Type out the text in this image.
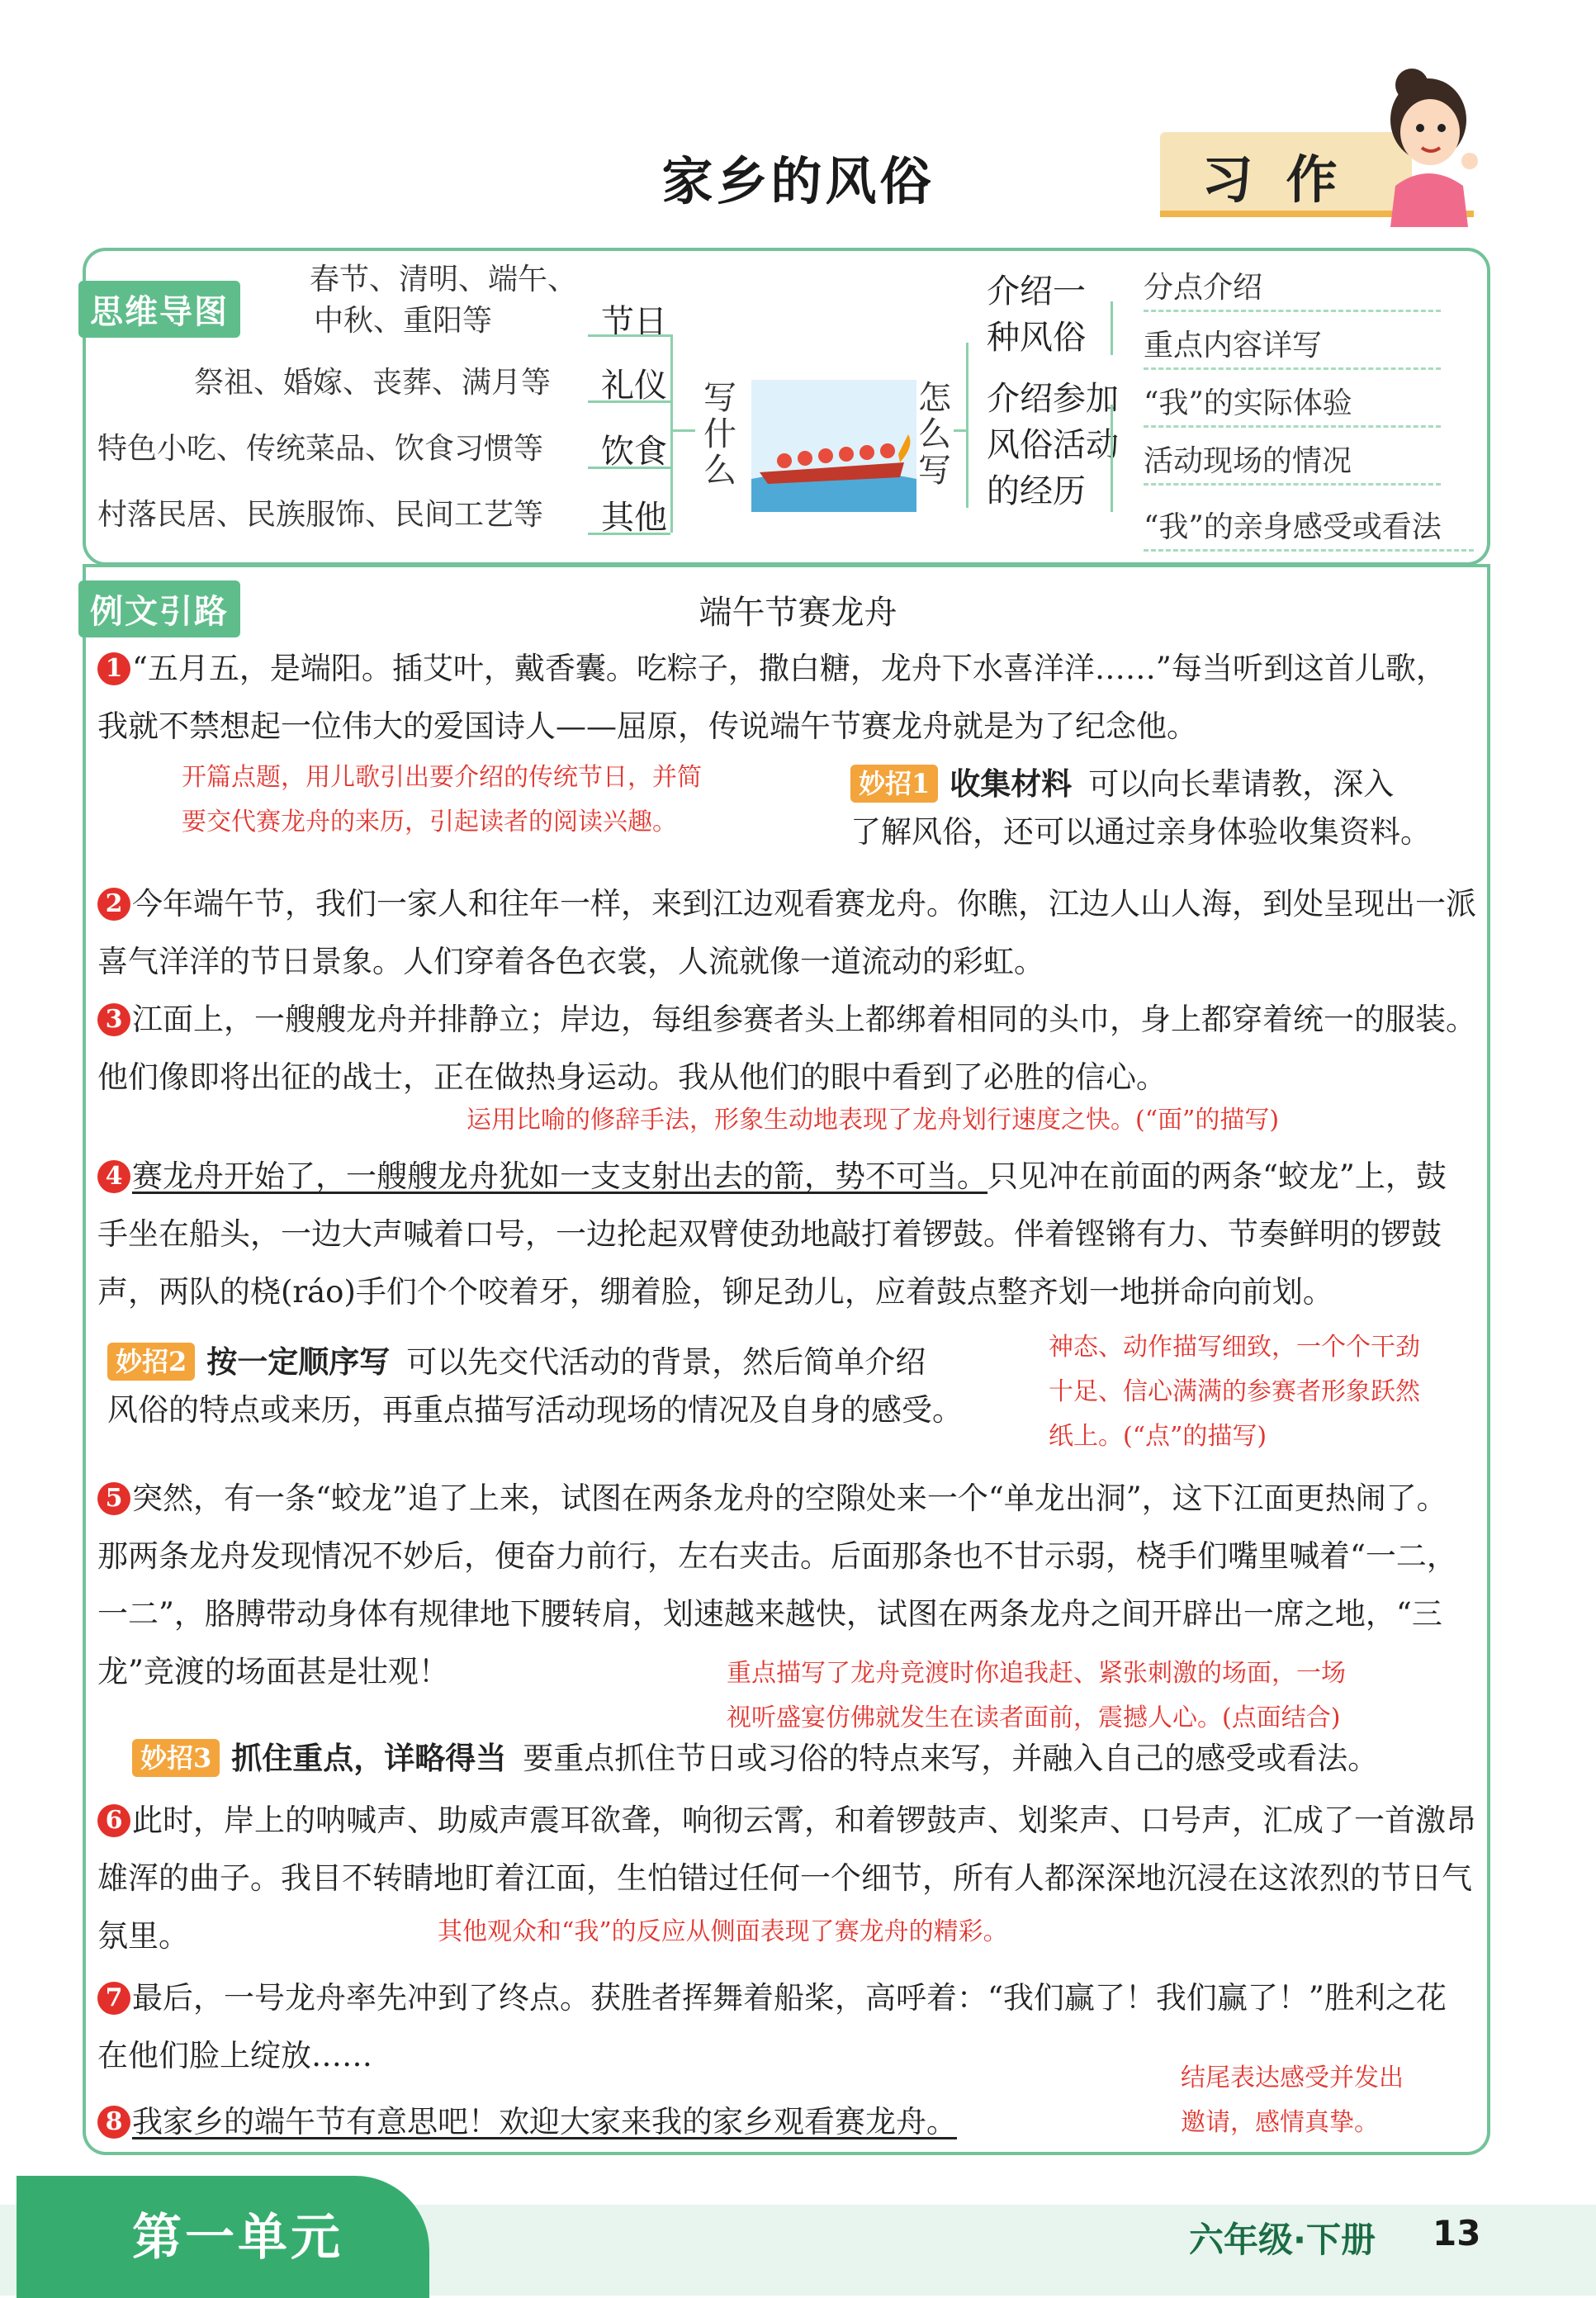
家乡的风俗	习作
思维导图
春节、清明、端午、
中秋、重阳等
祭祖、婚嫁、丧葬、满月等
特色小吃、传统菜品、饮食习惯等
村落民居、民族服饰、民间工艺等
节日
礼仪
饮食
其他
写什么
怎么写
介绍一
种风俗
介绍参加
风俗活动
的经历
分点介绍
重点内容详写
“我”的实际体验
活动现场的情况
“我”的亲身感受或看法
例文引路	端午节赛龙舟
1 “五月五，是端阳。插艾叶，戴香囊。吃粽子，撒白糖，龙舟下水喜洋洋……”每当听到这首儿歌，我就不禁想起一位伟大的爱国诗人——屈原，传说端午节赛龙舟就是为了纪念他。
开篇点题，用儿歌引出要介绍的传统节日，并简
要交代赛龙舟的来历，引起读者的阅读兴趣。
妙招1 收集材料 可以向长辈请教，深入
了解风俗，还可以通过亲身体验收集资料。
2 今年端午节，我们一家人和往年一样，来到江边观看赛龙舟。你瞧，江边人山人海，到处呈现出一派喜气洋洋的节日景象。人们穿着各色衣裳，人流就像一道流动的彩虹。
3 江面上，一艘艘龙舟并排静立；岸边，每组参赛者头上都绑着相同的头巾，身上都穿着统一的服装。他们像即将出征的战士，正在做热身运动。我从他们的眼中看到了必胜的信心。
运用比喻的修辞手法，形象生动地表现了龙舟划行速度之快。(“面”的描写)
4 赛龙舟开始了，一艘艘龙舟犹如一支支射出去的箭，势不可当。只见冲在前面的两条“蛟龙”上，鼓手坐在船头，一边大声喊着口号，一边抡起双臂使劲地敲打着锣鼓。伴着铿锵有力、节奏鲜明的锣鼓声，两队的桡(ráo)手们个个咬着牙，绷着脸，铆足劲儿，应着鼓点整齐划一地拼命向前划。
妙招2 按一定顺序写 可以先交代活动的背景，然后简单介绍
风俗的特点或来历，再重点描写活动现场的情况及自身的感受。
神态、动作描写细致，一个个干劲
十足、信心满满的参赛者形象跃然
纸上。(“点”的描写)
5 突然，有一条“蛟龙”追了上来，试图在两条龙舟的空隙处来一个“单龙出洞”，这下江面更热闹了。那两条龙舟发现情况不妙后，便奋力前行，左右夹击。后面那条也不甘示弱，桡手们嘴里喊着“一二，一二”，胳膊带动身体有规律地下腰转肩，划速越来越快，试图在两条龙舟之间开辟出一席之地，“三龙”竞渡的场面甚是壮观！	重点描写了龙舟竞渡时你追我赶、紧张刺激的场面，一场
视听盛宴仿佛就发生在读者面前，震撼人心。(点面结合)
妙招3 抓住重点，详略得当 要重点抓住节日或习俗的特点来写，并融入自己的感受或看法。
6 此时，岸上的呐喊声、助威声震耳欲聋，响彻云霄，和着锣鼓声、划桨声、口号声，汇成了一首激昂雄浑的曲子。我目不转睛地盯着江面，生怕错过任何一个细节，所有人都深深地沉浸在这浓烈的节日气氛里。	其他观众和“我”的反应从侧面表现了赛龙舟的精彩。
7 最后，一号龙舟率先冲到了终点。获胜者挥舞着船桨，高呼着：“我们赢了！我们赢了！”胜利之花在他们脸上绽放……
8 我家乡的端午节有意思吧！欢迎大家来我的家乡观看赛龙舟。
结尾表达感受并发出
邀请，感情真挚。
第一单元	六年级·下册 13
